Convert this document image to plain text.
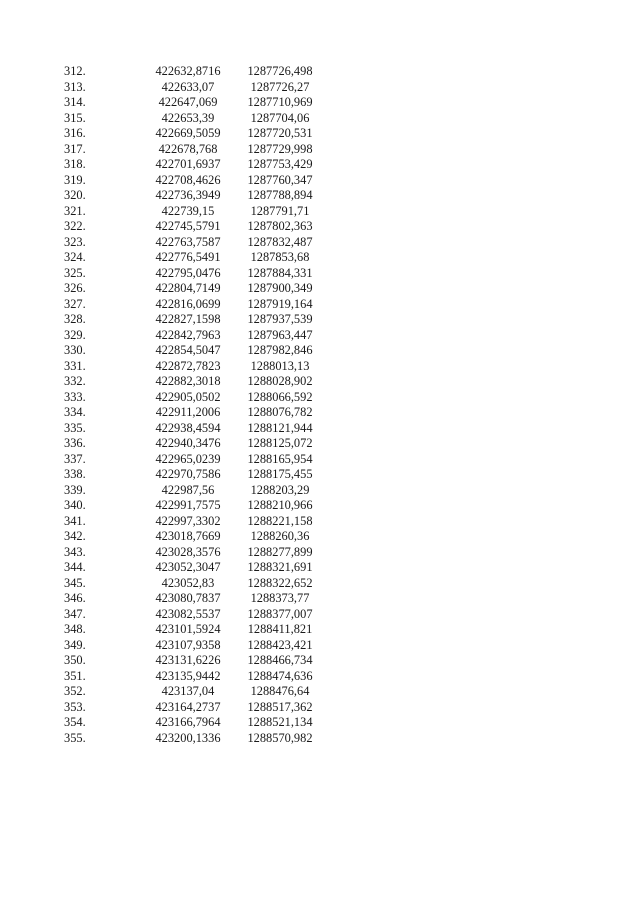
312.	422632,8716	1287726,498
313.	422633,07	1287726,27
314.	422647,069	1287710,969
315.	422653,39	1287704,06
316.	422669,5059	1287720,531
317.	422678,768	1287729,998
318.	422701,6937	1287753,429
319.	422708,4626	1287760,347
320.	422736,3949	1287788,894
321.	422739,15	1287791,71
322.	422745,5791	1287802,363
323.	422763,7587	1287832,487
324.	422776,5491	1287853,68
325.	422795,0476	1287884,331
326.	422804,7149	1287900,349
327.	422816,0699	1287919,164
328.	422827,1598	1287937,539
329.	422842,7963	1287963,447
330.	422854,5047	1287982,846
331.	422872,7823	1288013,13
332.	422882,3018	1288028,902
333.	422905,0502	1288066,592
334.	422911,2006	1288076,782
335.	422938,4594	1288121,944
336.	422940,3476	1288125,072
337.	422965,0239	1288165,954
338.	422970,7586	1288175,455
339.	422987,56	1288203,29
340.	422991,7575	1288210,966
341.	422997,3302	1288221,158
342.	423018,7669	1288260,36
343.	423028,3576	1288277,899
344.	423052,3047	1288321,691
345.	423052,83	1288322,652
346.	423080,7837	1288373,77
347.	423082,5537	1288377,007
348.	423101,5924	1288411,821
349.	423107,9358	1288423,421
350.	423131,6226	1288466,734
351.	423135,9442	1288474,636
352.	423137,04	1288476,64
353.	423164,2737	1288517,362
354.	423166,7964	1288521,134
355.	423200,1336	1288570,982
